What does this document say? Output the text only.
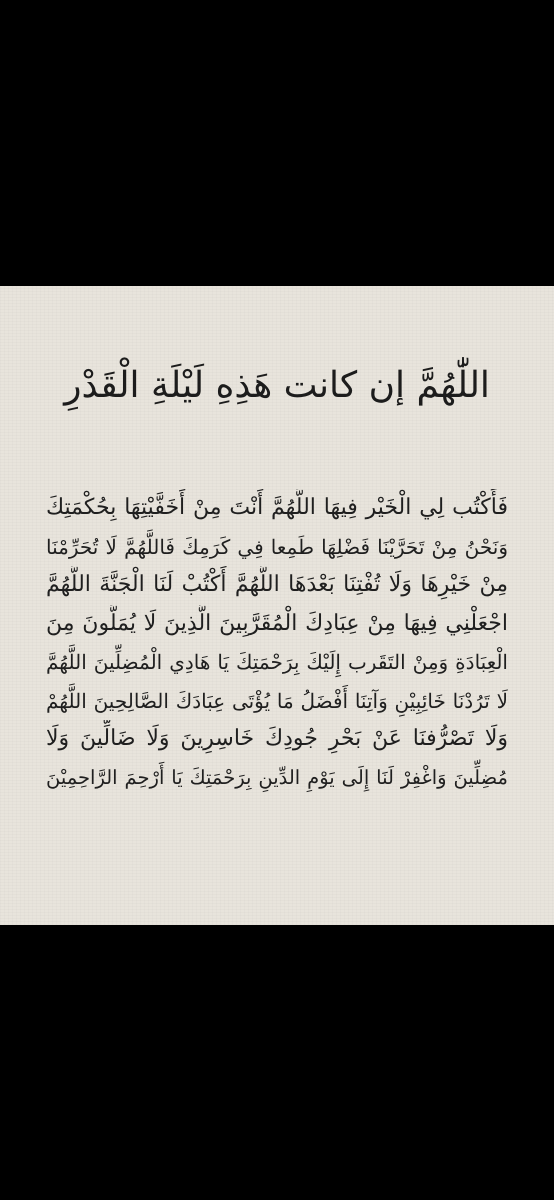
اللّٰهُمَّ إن كانت هَذِهِ لَيْلَةِ الْقَدْرِ
فَأَكْتُب لِي الْخَيْر فِيهَا اللَّهُمَّ أَنْتَ مِنْ أَخَفَّيْتِهَا بِحُكْمَتِكَ
وَنَحْنُ مِنْ تَحَرَّيْنَا فَضْلِهَا طَمِعا فِي كَرَمِكَ فَاللَّهُمَّ لَا تُحَرِّمْنَا
مِنْ خَيْرِهَا وَلَا تُفْتِنَا بَعْدَهَا اللَّهُمَّ أَكْتُبْ لَنَا الْجَنَّةَ اللَّهُمَّ
اجْعَلْنِي فِيهَا مِنْ عِبَادِكَ الْمُقَرَّبِينَ الَّذِينَ لَا يُمَلُّونَ مِنَ
الْعِبَادَةِ وَمِنْ التَقَرب إِلَيْكَ بِرَحْمَتِكَ يَا هَادِي الْمُضِلِّينَ اللَّهُمَّ
لَا تَرُدْنَا خَائِبِيْنِ وَآتِنَا أَفْضَلُ مَا يُؤْتَى عِبَادَكَ الصَّالِحِينَ اللَّهُمْ
وَلَا تَصْرُّفنَا عَنْ بَحْرِ جُودِكَ خَاسِرِينَ وَلَا ضَالِّينَ وَلَا
مُضِلِّينَ وَاغْفِرْ لَنَا إِلَى يَوْمِ الدِّينِ بِرَحْمَتِكَ يَا أَرْحِمَ الرَّاحِمِيْنَ
